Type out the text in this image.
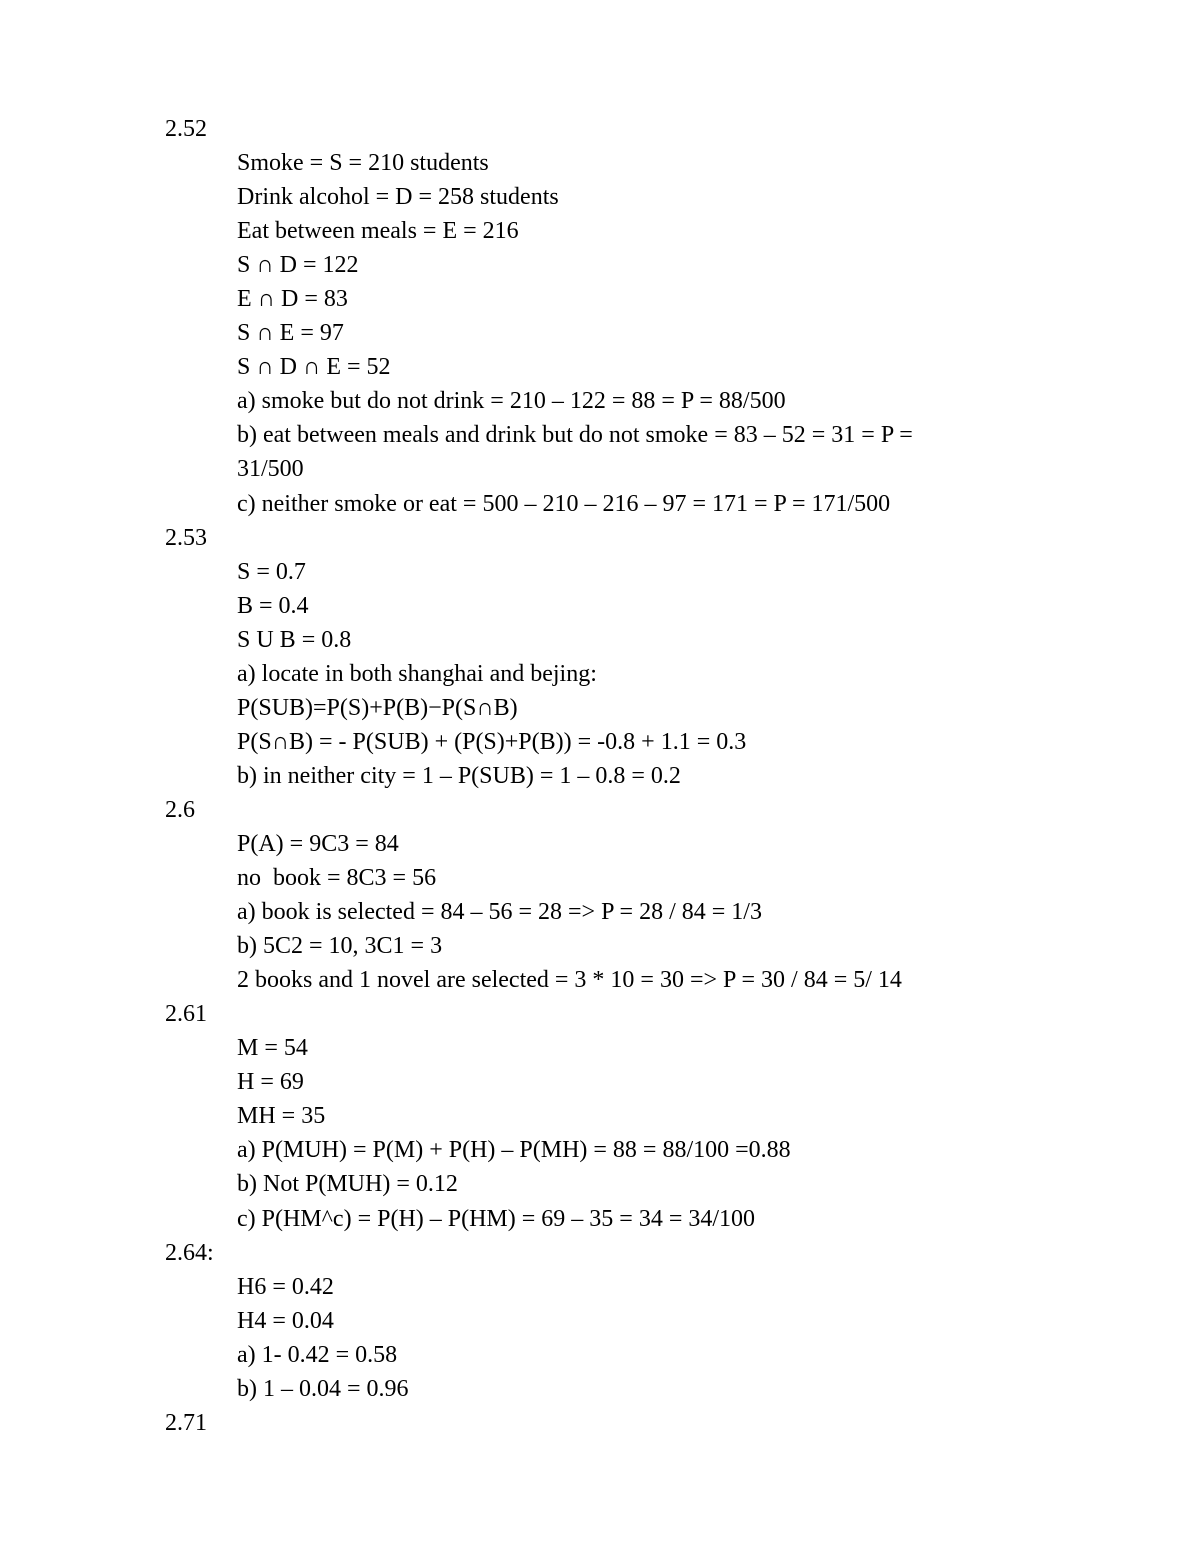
2.52
Smoke = S = 210 students
Drink alcohol = D = 258 students
Eat between meals = E = 216
S ∩ D = 122
E ∩ D = 83
S ∩ E = 97
S ∩ D ∩ E = 52
a) smoke but do not drink = 210 – 122 = 88 = P = 88/500
b) eat between meals and drink but do not smoke = 83 – 52 = 31 = P =
31/500
c) neither smoke or eat = 500 – 210 – 216 – 97 = 171 = P = 171/500
2.53
S = 0.7
B = 0.4
S U B = 0.8
a) locate in both shanghai and bejing:
P(SUB)=P(S)+P(B)−P(S∩B)
P(S∩B) = - P(SUB) + (P(S)+P(B)) = -0.8 + 1.1 = 0.3
b) in neither city = 1 – P(SUB) = 1 – 0.8 = 0.2
2.6
P(A) = 9C3 = 84
no  book = 8C3 = 56
a) book is selected = 84 – 56 = 28 => P = 28 / 84 = 1/3
b) 5C2 = 10, 3C1 = 3
2 books and 1 novel are selected = 3 * 10 = 30 => P = 30 / 84 = 5/ 14
2.61
M = 54
H = 69
MH = 35
a) P(MUH) = P(M) + P(H) – P(MH) = 88 = 88/100 =0.88
b) Not P(MUH) = 0.12
c) P(HM^c) = P(H) – P(HM) = 69 – 35 = 34 = 34/100
2.64:
H6 = 0.42
H4 = 0.04
a) 1- 0.42 = 0.58
b) 1 – 0.04 = 0.96
2.71
